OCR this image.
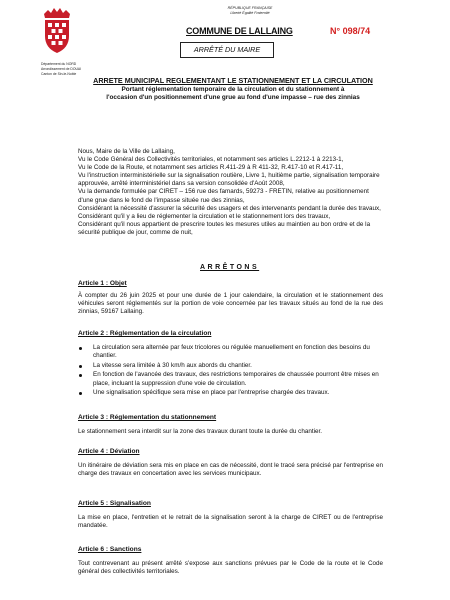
RÉPUBLIQUE FRANÇAISE
Liberté Égalité Fraternité
COMMUNE DE LALLAING	N° 098/74
ARRÊTÉ DU MAIRE
Département du NORD
Arrondissement de DOUAI
Canton de Sin-le-Noble
ARRETE MUNICIPAL REGLEMENTANT LE STATIONNEMENT ET LA CIRCULATION
Portant réglementation temporaire de la circulation et du stationnement à
l'occasion d'un positionnement d'une grue au fond d'une impasse – rue des zinnias
Nous, Maire de la Ville de Lallaing,
Vu le Code Général des Collectivités territoriales, et notamment ses articles L.2212-1 à 2213-1,
Vu le Code de la Route, et notamment ses articles R.411-29 à R 411-32, R.417-10 et R.417-11,
Vu l'instruction interministérielle sur la signalisation routière, Livre 1, huitième partie, signalisation temporaire approuvée, arrêté interministériel dans sa version consolidée d'Août 2008,
Vu la demande formulée par CIRET – 156 rue des famards, 59273 - FRETIN, relative au positionnement d'une grue dans le fond de l'impasse située rue des zinnias,
Considérant la nécessité d'assurer la sécurité des usagers et des intervenants pendant la durée des travaux,
Considérant qu'il y a lieu de réglementer la circulation et le stationnement lors des travaux,
Considérant qu'il nous appartient de prescrire toutes les mesures utiles au maintien au bon ordre et de la sécurité publique de jour, comme de nuit,
ARRÊTONS
Article 1 : Objet
À compter du 26 juin 2025 et pour une durée de 1 jour calendaire, la circulation et le stationnement des véhicules seront réglementés sur la portion de voie concernée par les travaux situés au fond de la rue des zinnias, 59167 Lallaing.
Article 2 : Réglementation de la circulation
La circulation sera alternée par feux tricolores ou régulée manuellement en fonction des besoins du chantier.
La vitesse sera limitée à 30 km/h aux abords du chantier.
En fonction de l'avancée des travaux, des restrictions temporaires de chaussée pourront être mises en place, incluant la suppression d'une voie de circulation.
Une signalisation spécifique sera mise en place par l'entreprise chargée des travaux.
Article 3 : Réglementation du stationnement
Le stationnement sera interdit sur la zone des travaux durant toute la durée du chantier.
Article 4 : Déviation
Un itinéraire de déviation sera mis en place en cas de nécessité, dont le tracé sera précisé par l'entreprise en charge des travaux en concertation avec les services municipaux.
Article 5 : Signalisation
La mise en place, l'entretien et le retrait de la signalisation seront à la charge de CIRET ou de l'entreprise mandatée.
Article 6 : Sanctions
Tout contrevenant au présent arrêté s'expose aux sanctions prévues par le Code de la route et le Code général des collectivités territoriales.
